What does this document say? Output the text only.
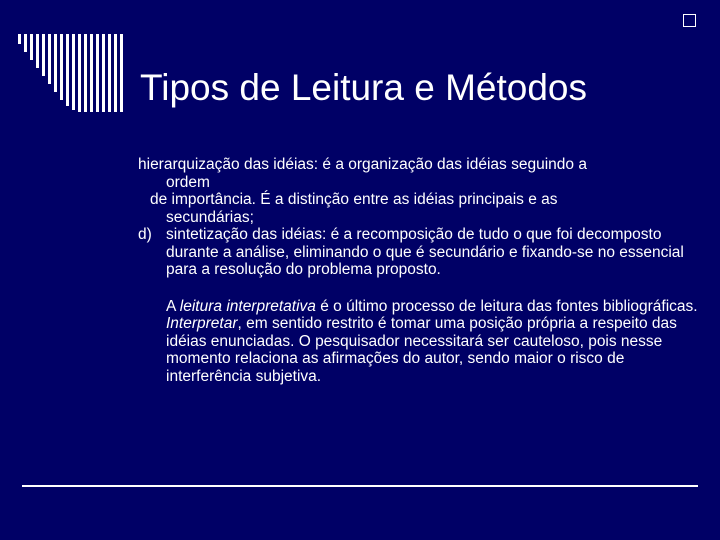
Tipos de Leitura e Métodos

hierarquização das idéias: é a organização das idéias seguindo a

ordem

de importância. É a distinção entre as idéias principais e as

secundárias;

d) sintetização das idéias: é a recomposição de tudo o que foi decomposto durante a análise, eliminando o que é secundário e fixando-se no essencial para a resolução do problema proposto.

A leitura interpretativa é o último processo de leitura das fontes bibliográficas. Interpretar, em sentido restrito é tomar uma posição própria a respeito das idéias enunciadas. O pesquisador necessitará ser cauteloso, pois nesse momento relaciona as afirmações do autor, sendo maior o risco de interferência subjetiva.
